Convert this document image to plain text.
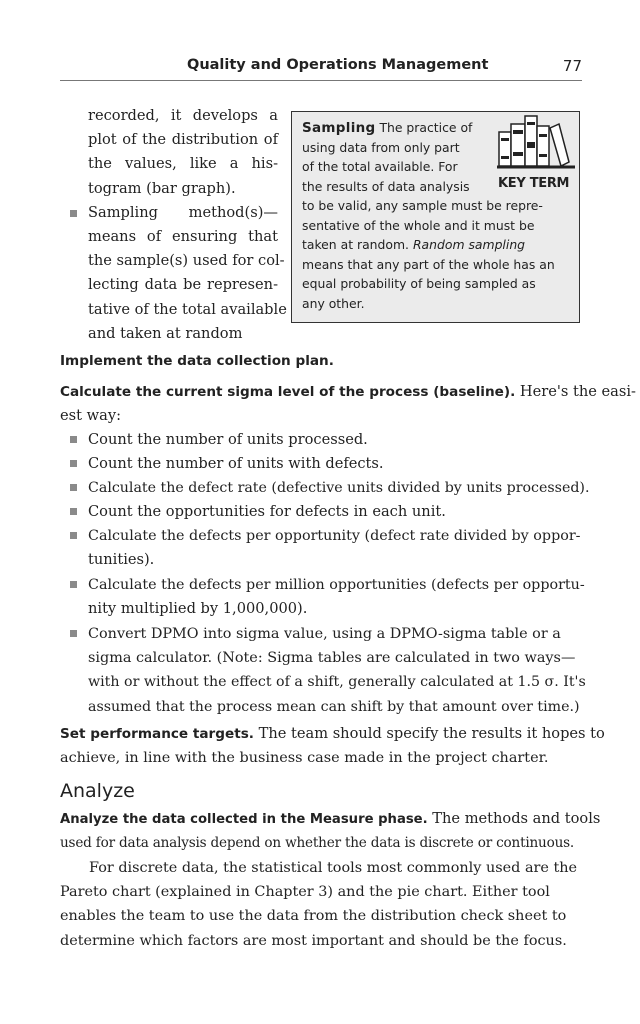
Quality and Operations Management	77
recorded, it develops a
plot of the distribution of
the values, like a his-
togram (bar graph).
Sampling method(s)—
means of ensuring that
the sample(s) used for col-
lecting data be represen-
tative of the total available
and taken at random
KEY TERM
Sampling The practice of
using data from only part
of the total available. For
the results of data analysis
to be valid, any sample must be repre-
sentative of the whole and it must be
taken at random. Random sampling
means that any part of the whole has an
equal probability of being sampled as
any other.
Implement the data collection plan.
Calculate the current sigma level of the process (baseline). Here's the easi-
est way:
Count the number of units processed.
Count the number of units with defects.
Calculate the defect rate (defective units divided by units processed).
Count the opportunities for defects in each unit.
Calculate the defects per opportunity (defect rate divided by oppor-
tunities).
Calculate the defects per million opportunities (defects per opportu-
nity multiplied by 1,000,000).
Convert DPMO into sigma value, using a DPMO-sigma table or a
sigma calculator. (Note: Sigma tables are calculated in two ways—
with or without the effect of a shift, generally calculated at 1.5 σ. It's
assumed that the process mean can shift by that amount over time.)
Set performance targets. The team should specify the results it hopes to
achieve, in line with the business case made in the project charter.
Analyze
Analyze the data collected in the Measure phase. The methods and tools
used for data analysis depend on whether the data is discrete or continuous.
For discrete data, the statistical tools most commonly used are the
Pareto chart (explained in Chapter 3) and the pie chart. Either tool
enables the team to use the data from the distribution check sheet to
determine which factors are most important and should be the focus.
